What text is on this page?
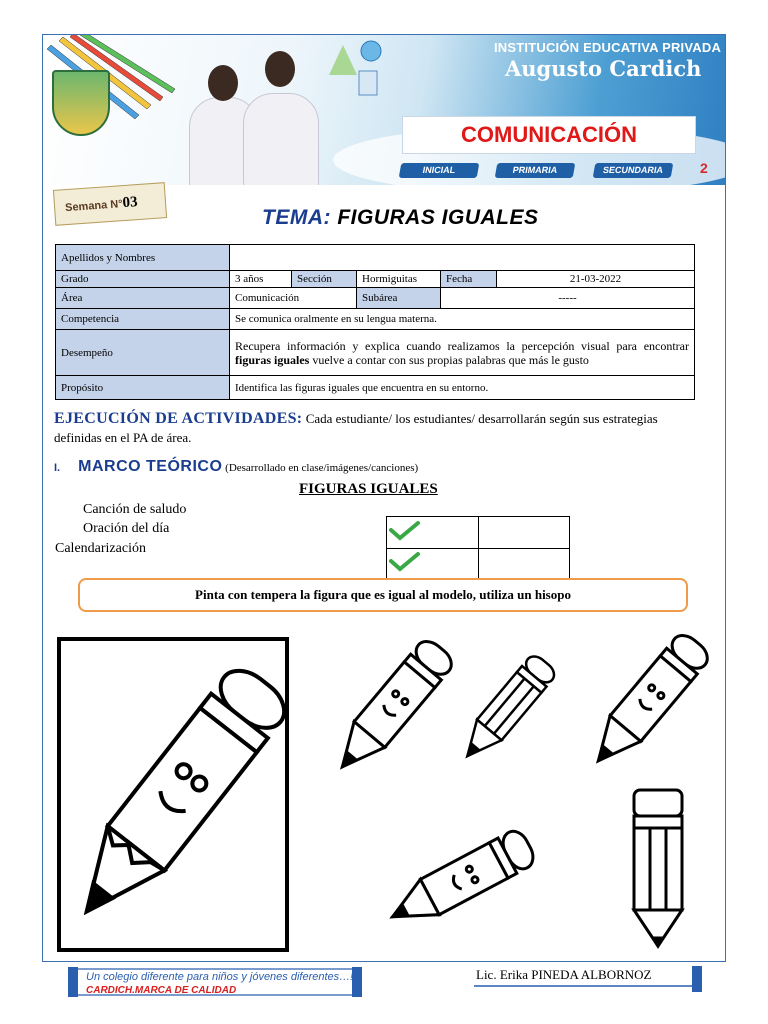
INSTITUCIÓN EDUCATIVA PRIVADA
Augusto Cardich
COMUNICACIÓN
INICIAL	PRIMARIA	SECUNDARIA	2
Semana N°03
TEMA: FIGURAS IGUALES
Apellidos y Nombres					
Grado	3 años	Sección	Hormiguitas	Fecha	21-03-2022
Área	Comunicación		Subárea	-----	
Competencia	Se comunica oralmente en su lengua materna.				
Desempeño	Recupera información y explica cuando realizamos la percepción visual para encontrar figuras iguales vuelve a contar con sus propias palabras que más le gusto				
Propósito	Identifica las figuras iguales que encuentra en su entorno.				
EJECUCIÓN DE ACTIVIDADES: Cada estudiante/ los estudiantes/ desarrollarán según sus estrategias definidas en el PA de área.
I. MARCO TEÓRICO (Desarrollado en clase/imágenes/canciones)
FIGURAS IGUALES
Canción de saludo
Oración del día
Calendarización

Pinta con tempera la figura que es igual al modelo, utiliza un hisopo
Un colegio diferente para niños y jóvenes diferentes…!
CARDICH.MARCA DE CALIDAD
Lic. Erika PINEDA ALBORNOZ
